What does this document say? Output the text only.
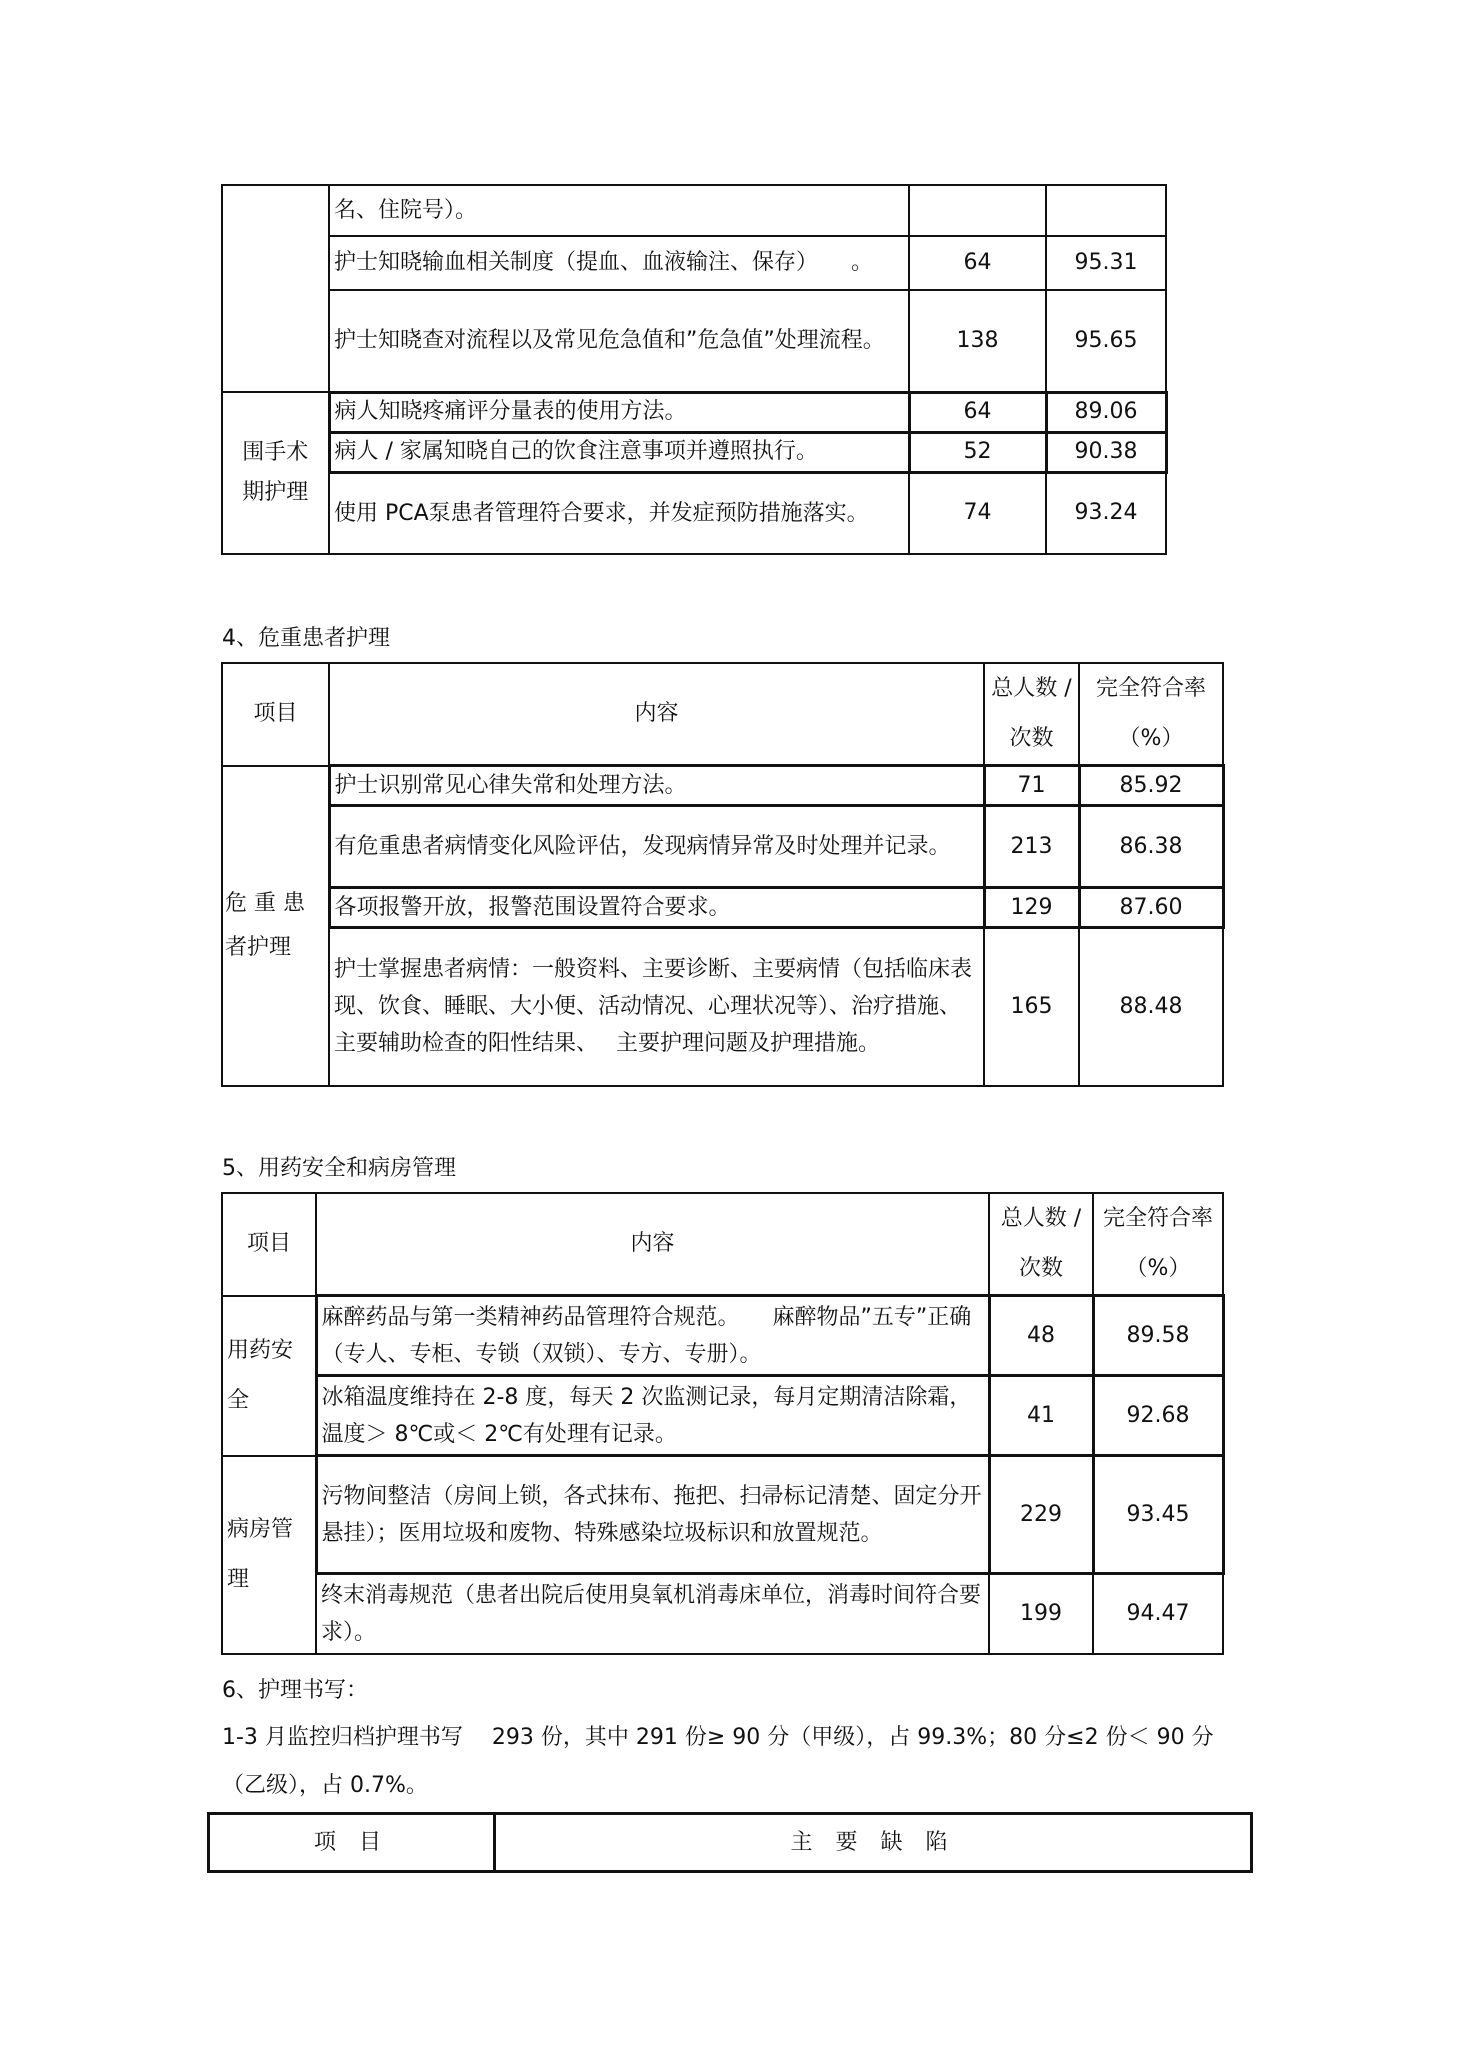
	名、住院号）。		
	护士知晓输血相关制度（提血、血液输注、保存）　　。	64	95.31
	护士知晓查对流程以及常见危急值和”危急值”处理流程。	138	95.65
围手术期护理	病人知晓疼痛评分量表的使用方法。	64	89.06
	病人 / 家属知晓自己的饮食注意事项并遵照执行。	52	90.38
	使用 PCA泵患者管理符合要求，并发症预防措施落实。	74	93.24
4、危重患者护理
项目	内容	总人数 / 次数	完全符合率（%）
危 重 患 者护理	护士识别常见心律失常和处理方法。	71	85.92
	有危重患者病情变化风险评估，发现病情异常及时处理并记录。	213	86.38
	各项报警开放，报警范围设置符合要求。	129	87.60
	护士掌握患者病情：一般资料、主要诊断、主要病情（包括临床表现、饮食、睡眠、大小便、活动情况、心理状况等）、治疗措施、 主要辅助检查的阳性结果、　 主要护理问题及护理措施。	165	88.48
5、用药安全和病房管理
项目	内容	总人数 / 次数	完全符合率（%）
用药安全	麻醉药品与第一类精神药品管理符合规范。　　麻醉物品”五专”正确（专人、专柜、专锁（双锁）、专方、专册）。	48	89.58
	冰箱温度维持在 2-8 度，每天 2 次监测记录，每月定期清洁除霜，温度＞ 8℃或＜ 2℃有处理有记录。	41	92.68
病房管理	污物间整洁（房间上锁，各式抹布、拖把、扫帚标记清楚、固定分开悬挂）；医用垃圾和废物、特殊感染垃圾标识和放置规范。	229	93.45
	终末消毒规范（患者出院后使用臭氧机消毒床单位，消毒时间符合要求）。	199	94.47
6、护理书写：
1-3 月监控归档护理书写　 293 份，其中 291 份≥ 90 分（甲级），占 99.3%；80 分≤2 份＜ 90 分（乙级），占 0.7%。
项 目	主 要 缺 陷
